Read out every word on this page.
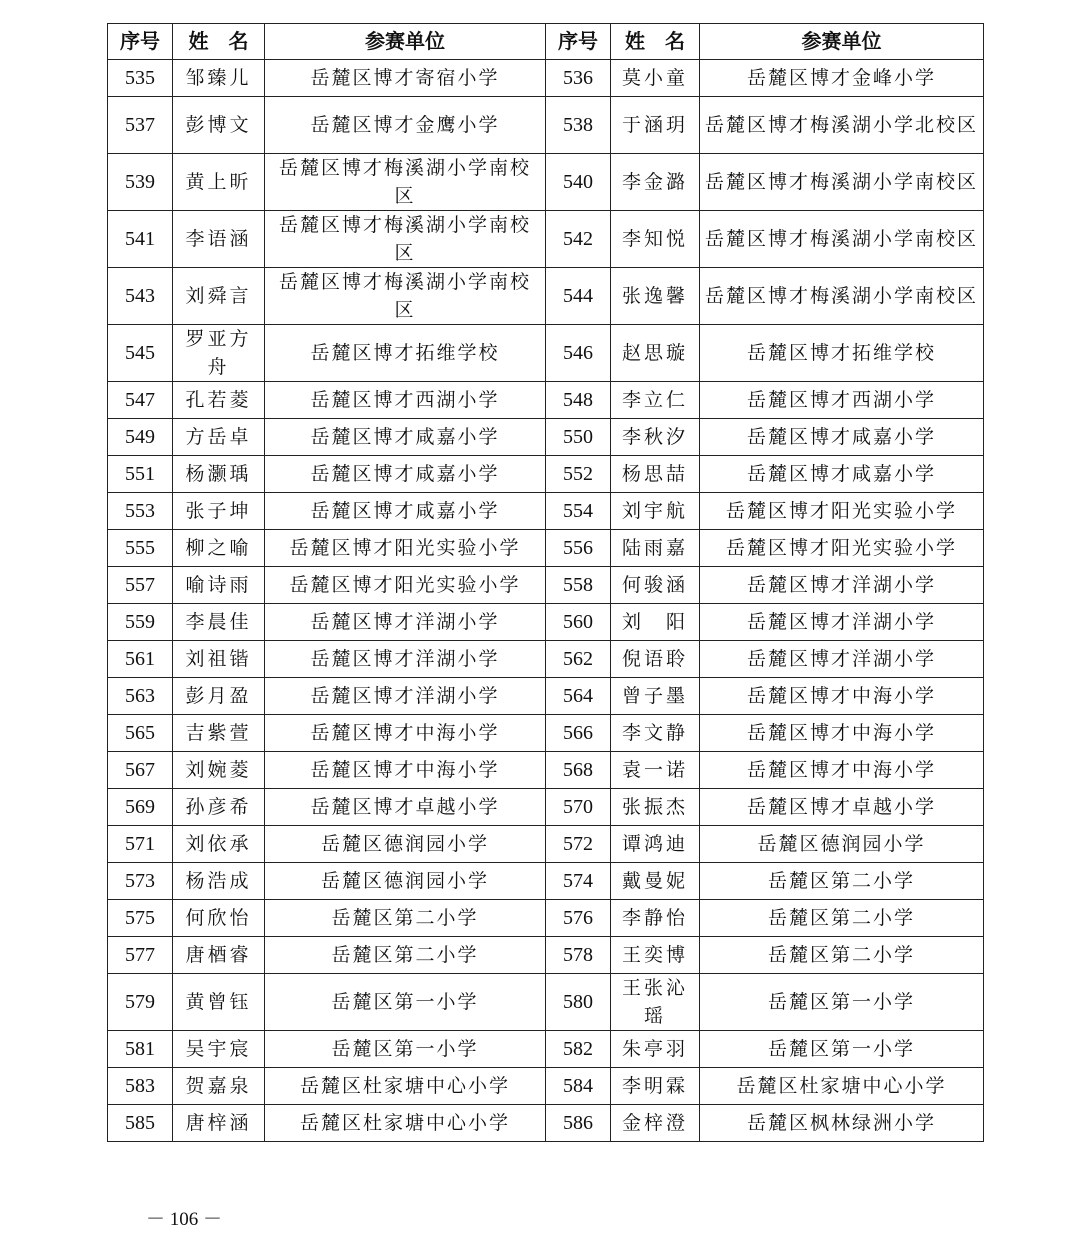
序号	姓　名	参赛单位	序号	姓　名	参赛单位
535	邹臻儿	岳麓区博才寄宿小学	536	莫小童	岳麓区博才金峰小学
537	彭博文	岳麓区博才金鹰小学	538	于涵玥	岳麓区博才梅溪湖小学北校区
539	黄上昕	岳麓区博才梅溪湖小学南校区	540	李金潞	岳麓区博才梅溪湖小学南校区
541	李语涵	岳麓区博才梅溪湖小学南校区	542	李知悦	岳麓区博才梅溪湖小学南校区
543	刘舜言	岳麓区博才梅溪湖小学南校区	544	张逸馨	岳麓区博才梅溪湖小学南校区
545	罗亚方舟	岳麓区博才拓维学校	546	赵思璇	岳麓区博才拓维学校
547	孔若菱	岳麓区博才西湖小学	548	李立仁	岳麓区博才西湖小学
549	方岳卓	岳麓区博才咸嘉小学	550	李秋汐	岳麓区博才咸嘉小学
551	杨灏瑀	岳麓区博才咸嘉小学	552	杨思喆	岳麓区博才咸嘉小学
553	张子坤	岳麓区博才咸嘉小学	554	刘宇航	岳麓区博才阳光实验小学
555	柳之喻	岳麓区博才阳光实验小学	556	陆雨嘉	岳麓区博才阳光实验小学
557	喻诗雨	岳麓区博才阳光实验小学	558	何骏涵	岳麓区博才洋湖小学
559	李晨佳	岳麓区博才洋湖小学	560	刘　阳	岳麓区博才洋湖小学
561	刘祖锴	岳麓区博才洋湖小学	562	倪语聆	岳麓区博才洋湖小学
563	彭月盈	岳麓区博才洋湖小学	564	曾子墨	岳麓区博才中海小学
565	吉紫萱	岳麓区博才中海小学	566	李文静	岳麓区博才中海小学
567	刘婉菱	岳麓区博才中海小学	568	袁一诺	岳麓区博才中海小学
569	孙彦希	岳麓区博才卓越小学	570	张振杰	岳麓区博才卓越小学
571	刘依承	岳麓区德润园小学	572	谭鸿迪	岳麓区德润园小学
573	杨浩成	岳麓区德润园小学	574	戴曼妮	岳麓区第二小学
575	何欣怡	岳麓区第二小学	576	李静怡	岳麓区第二小学
577	唐梄睿	岳麓区第二小学	578	王奕博	岳麓区第二小学
579	黄曾钰	岳麓区第一小学	580	王张沁瑶	岳麓区第一小学
581	吴宇宸	岳麓区第一小学	582	朱亭羽	岳麓区第一小学
583	贺嘉泉	岳麓区杜家塘中心小学	584	李明霖	岳麓区杜家塘中心小学
585	唐梓涵	岳麓区杜家塘中心小学	586	金梓澄	岳麓区枫林绿洲小学
－ 106 －
